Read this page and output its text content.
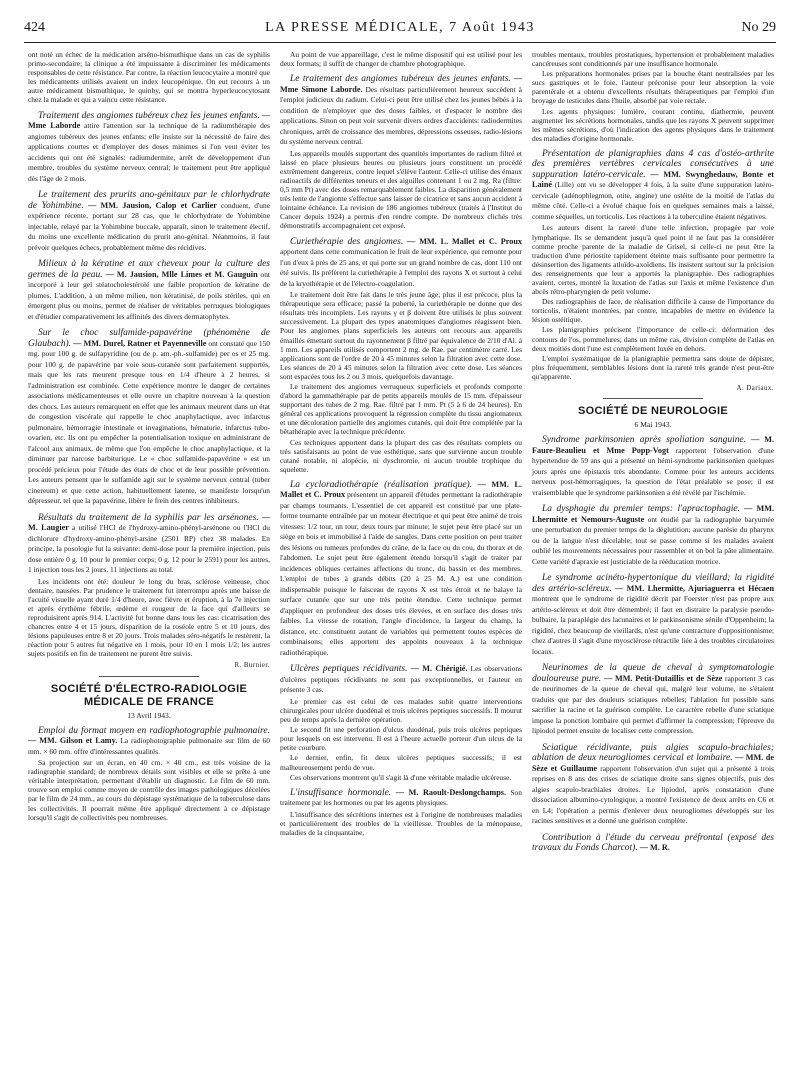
424	LA PRESSE MÉDICALE, 7 Août 1943	No 29

ont noté un échec de la médication arséno-bismuthique dans un cas de syphilis primo-secondaire; la clinique a été impuissante à discriminer les médicaments responsables de cette résistance. Par contre, la réaction leucocytaire a montré que les médicaments utilisés avaient un index leucopénique. On eut recours à un autre médicament bismuthique, le quinby, qui se montra hyperleucocytosant chez la malade et qui a vaincu cette résistance.

Traitement des angiomes tubéreux chez les jeunes enfants. — Mme Laborde attire l'attention sur la technique de la radiumthérapie des angiomes tubéreux des jeunes enfants; elle insiste sur la nécessité de faire des applications courtes et d'employer des doses minimes si l'on veut éviter les accidents qui ont été signalés: radiumdermite, arrêt de développement d'un membre, troubles du système nerveux central; le traitement peut être appliqué dès l'âge de 2 mois.

Le traitement des prurits ano-génitaux par le chlorhydrate de Yohimbine. — MM. Jausion, Calop et Carlier conduent, d'une expérience récente, portant sur 28 cas, que le chlorhydrate de Yohimbine injectable, relayé par la Yohimbine buccale, apparaît, sinon le traitement électif, du moins une excellente médication du prurit ano-génital. Néanmoins, il faut prévoir quelques échecs, probablement même des récidives.

Milieux à la kératine et aux cheveux pour la culture des germes de la peau. — M. Jausion, Mlle Limes et M. Gauguin ont incorporé à leur gel stéatocholestérolé une faible proportion de kératine de plumes. L'addition, à un même milieu, non kératinisé, de poils stériles, qui en émergent plus ou moins, permet de réaliser de véritables perruques biologiques et d'étudier comparativement les affinités des divers dermatophytes.

Sur le choc sulfamide-papavérine (phénomène de Glaubach). — MM. Durel, Ratner et Payenneville ont constaté que 150 mg. pour 100 g. de sulfapyridine (ou de p. am.-ph.-sulfamide) per os et 25 mg. pour 100 g. de papavérine par voie sous-cutanée sont parfaitement supportés, mais que les rats meurent presque tous en 1/4 d'heure à 2 heures, si l'administration est combinée. Cette expérience montre le danger de certaines associations médicamenteuses et elle ouvre un chapitre nouveau à la question des chocs. Les auteurs remarquent en effet que les animaux meurent dans un état de congestion viscérale qui rappelle le choc anaphylactique, avec infarctus pulmonaire, hémorragie intestinale et invaginations, hématurie, infarctus tubo-ovarien, etc. Ils ont pu empêcher la potentialisation toxique en administrant de l'alcool aux animaux, de même que l'on empêche le choc anaphylactique, et la diminuer par narcose barbiturique. Le « choc sulfamide-papavérine » est un procédé précieux pour l'étude des états de choc et de leur possible prévention. Les auteurs pensent que le sulfamide agit sur le système nerveux central (tuber cinereum) et que cette action, habituellement latente, se manifeste lorsqu'un dépresseur, tel que la papavérine, libère le frein des centres inhibiteurs.

Résultats du traitement de la syphilis par les arsénones. — M. Laugier a utilisé l'HCl de l'hydroxy-amino-phényl-arsénone ou l'HCl du dichlorure d'hydroxy-amino-phényl-arsine (2501 RP) chez 38 malades. En principe, la posologie fut la suivante: demi-dose pour la première injection, puis dose entière 0 g. 10 pour le premier corps; 0 g. 12 pour le 2591) pour les autres, 1 injection tous les 2 jours, 11 injections au total.

Les incidents ont été: douleur le long du bras, sclérose veineuse, choc dentaire, nausées. Par prudence le traitement fut interrompu après une baisse de l'acuité visuelle ayant duré 1/4 d'heure, avec fièvre et éruption, à la 7e injection et après érythème fébrile, œdème et rougeur de la face qui d'ailleurs se reproduisirent après 914. L'activité fut bonne dans tous les cas: cicatrisation des chancres entre 4 et 15 jours, disparition de la roséole entre 5 et 10 jours, des lésions papuleuses entre 8 et 20 jours. Trois malades séro-négatifs le restèrent, la réaction pour 5 autres fut négative en 1 mois, pour 10 en 1 mois 1/2; les autres sujets positifs en fin de traitement ne purent être suivis.

R. Burnier.

SOCIÉTÉ D'ÉLECTRO-RADIOLOGIE MÉDICALE DE FRANCE
13 Avril 1943.

Emploi du format moyen en radiophotographie pulmonaire. — MM. Gilson et Lamy. La radiophotographie pulmonaire sur film de 60 mm. × 60 mm. offre d'intéressantes qualités.

Sa projection sur un écran, en 40 cm. × 40 cm., est très voisine de la radiographie standard; de nombreux détails sont visibles et elle se prête à une véritable interprétation, permettant d'établir un diagnostic. Le film de 60 mm. trouve son emploi comme moyen de contrôle des images pathologiques décelées par le film de 24 mm., au cours du dépistage systématique de la tuberculose dans les collectivités. Il pourrait même être appliqué directement à ce dépistage lorsqu'il s'agit de collectivités peu nombreuses.

Au point de vue appareillage, c'est le même dispositif qui est utilisé pour les deux formats; il suffit de changer de chambre photographique.

Le traitement des angiomes tubéreux des jeunes enfants. — Mme Simone Laborde. Des résultats particulièrement heureux succèdent à l'emploi judicieux du radium. Celui-ci peut être utilisé chez les jeunes bébés à la condition de n'employer que des doses faibles, et d'espacer le nombre des applications. Sinon on peut voir survenir divers ordres d'accidents: radiodermites chroniques, arrêt de croissance des membres, dépressions osseuses, radio-lésions du système nerveux central.

Les appareils moulés supportant des quantités importantes de radium filtré et laissé en place plusieurs heures ou plusieurs jours constituent un procédé extrêmement dangereux, contre lequel s'élève l'auteur. Celle-ci utilise des émaux radioactifs de différentes teneurs et des aiguilles contenant 1 ou 2 mg. Ra (filtre: 0,5 mm Pt) avec des doses remarquablement faibles. La disparition généralement très lente de l'angiome s'effectue sans laisser de cicatrice et sans aucun accident à lointaine échéance. La revision de 186 angiomes tubéreux (traités à l'Institut du Cancer depuis 1924) a permis d'en rendre compte. De nombreux clichés très démonstratifs accompagnaient cet exposé.

Curiethérapie des angiomes. — MM. L. Mallet et C. Proux apportent dans cette communication le fruit de leur expérience, qui remonte pour l'un d'eux à près de 25 ans, et qui porte sur un grand nombre de cas, dont 110 ont été suivis. Ils préfèrent la curiethérapie à l'emploi des rayons X et surtout à celui de la kryothérapie et de l'électro-coagulation.

Le traitement doit être fait dans le très jeune âge; plus il est précoce, plus la thérapeutique sera efficace; passé la puberté, la curiethérapie ne donne que des résultats très incomplets. Les rayons γ et β doivent être utilisés le plus souvent successivement. La plupart des types anatomiques d'angiomes réagissent bien. Pour les angiomes plans superficiels les auteurs ont recours aux appareils émaillés émettant surtout du rayonnement β filtré par équivalence de 2/10 d'Al. à 1 mm. Les appareils utilisés comportent 2 mg. de Rae. par centimètre carré. Les applications sont de l'ordre de 20 à 45 minutes selon la filtration avec cette dose. Les séances de 20 à 45 minutes selon la filtration avec cette dose. Les séances sont espacées tous les 2 ou 3 mois, quelquefois davantage.

Le traitement des angiomes verruqueux superficiels et profonds comporte d'abord la gammathérapie par de petits appareils moulés de 15 mm. d'épaisseur supportant des tubes de 2 mg. Rae. filtré par 1 mm. Pt (5 à 6 de 24 heures). En général ces applications provoquent la régression complète du tissu angiomateux et une décoloration partielle des angiomes cutanés, qui doit être complétée par la bêtathérapie avec la technique précédente.

Ces techniques apportent dans la plupart des cas des résultats complets ou très satisfaisants au point de vue esthétique, sans que survienne aucun trouble cutané notable, ni alopécie, ni dyschromie, ni aucun trouble trophique du squelette.

La cycloradiothérapie (réalisation pratique). — MM. L. Mallet et C. Proux présentent un appareil d'études permettant la radiothérapie par champs tournants. L'essentiel de cet appareil est constitué par une plate-forme tournante entraînée par un moteur électrique et qui peut être animé de trois vitesses: 1/2 tour, un tour, deux tours par minute; le sujet peut être placé sur un siège en bois et immobilisé à l'aide de sangles. Dans cette position on peut traiter des lésions ou tumeurs profondes du crâne, de la face ou du cou, du thorax et de l'abdomen. Le sujet peut être également étendu lorsqu'il s'agit de traiter par incidences obliques certaines affections du tronc, du bassin et des membres. L'emploi de tubes à grands débits (20 à 25 M. A.) est une condition indispensable puisque le faisceau de rayons X est très étroit et ne balaye la surface cutanée que sur une très petite étendue. Cette technique permet d'appliquer en profondeur des doses très élevées, et en surface des doses très faibles. La vitesse de rotation, l'angle d'incidence, la largeur du champ, la distance, etc. constituent autant de variables qui permettent toutes espèces de combinaisons; elles apportent des appoints nouveaux à la technique radiothérapique.

Ulcères peptiques récidivants. — M. Chérigié. Les observations d'ulcères peptiques récidivants ne sont pas exceptionnelles, et l'auteur en présente 3 cas.

Le premier cas est celui de ces malades subit quatre interventions chirurgicales pour ulcère duodénal et trois ulcères peptiques successifs. Il mourut peu de temps après la dernière opération.

Le second fit une perforation d'ulcus duodénal, puis trois ulcères peptiques pour lesquels on est intervenu. Il est à l'heure actuelle porteur d'un ulcus de la petite courbure.

Le dernier, enfin, fit deux ulcères peptiques successifs; il est malheureusement perdu de vue.

Ces observations montrent qu'il s'agit là d'une véritable maladie ulcéreuse.

L'insuffisance hormonale. — M. Raoult-Deslongchamps. Son traitement par les hormones ou par les agents physiques.

L'insuffisance des sécrétions internes est à l'origine de nombreuses maladies et particulièrement des troubles de la vieillesse. Troubles de la ménopause, maladies de la cinquantaine,

troubles mentaux, troubles prostatiques, hypertension et probablement maladies cancéreuses sont conditionnés par une insuffisance hormonale.

Les préparations hormonales prises par la bouche étant neutralisées par les sucs gastriques et le foie, l'auteur préconise pour leur absorption la voie parentérale et a obtenu d'excellents résultats thérapeutiques par l'emploi d'un broyage de testicules dans l'huile, absorbé par voie rectale.

Les agents physiques: lumière, courant continu, diathermie, peuvent augmenter les sécrétions hormonales, tandis que les rayons X peuvent supprimer les mêmes sécrétions, d'où l'indication des agents physiques dans le traitement des maladies d'origine hormonale.

Présentation de planigraphies dans 4 cas d'ostéo-arthrite des premières vertèbres cervicales consécutives à une suppuration latéro-cervicale. — MM. Swynghedauw, Bonte et Lainé (Lille) ont vu se développer 4 fois, à la suite d'une suppuration latéro-cervicale (adénophlegmon, otite, angine) une ostéite de la moitié de l'atlas du même côté. Celle-ci a évolué chaque fois en quelques semaines mais a laissé, comme séquelles, un torticolis. Les réactions à la tuberculine étaient négatives.

Les auteurs disent la rareté d'une telle infection, propagée par voie lymphatique. Ils se demandent jusqu'à quel point il ne faut pas la considérer comme proche parente de la maladie de Grisel, si celle-ci ne peut être la traduction d'une périostite rapidement éteinte mais suffisante pour permettre la désinsertion des ligaments atloïdo-axoïdiens. Ils insistent surtout sur la précision des renseignements que leur a apportés la planigraphie. Des radiographies avaient, certes, montré la luxation de l'atlas sur l'axis et même l'existence d'un abcès rétro-pharyngien de petit volume.

Des radiographies de face, de réalisation difficile à cause de l'importance du torticolis, n'étaient montrées, par contre, incapables de mettre en évidence la lésion ostéitique.

Les planigraphies précisent l'importance de celle-ci: déformation des contours de l'os, pommelures; dans un même cas, division complète de l'atlas en deux moitiés dont l'une est complètement luxée en dehors.

L'emploi systématique de la planigraphie permettra sans doute de dépister, plus fréquemment, semblables lésions dont la rareté très grande n'est peut-être qu'apparente.

A. Dariaux.

SOCIÉTÉ DE NEUROLOGIE
6 Mai 1943.

Syndrome parkinsonien après spoliation sanguine. — M. Faure-Beaulieu et Mme Popp-Vogt rapportent l'observation d'une hypertendue de 59 ans qui a présenté un hémi-syndrome parkinsonien quelques jours après une épistaxis très abondante. Comme pour les auteurs accidents nerveux post-hémorragiques, la question de l'état préalable se pose; il est vraisemblable que le syndrome parkinsonien a été révélé par l'ischémie.

La dysphagie du premier temps: l'apractophagie. — MM. Lhermitte et Nemours-Auguste ont étudié par la radiographie baryumée une perturbation du premier temps de la déglutition; aucune parésie du pharynx ou de la langue n'est décelable; tout se passe comme si les malades avaient oublié les mouvements nécessaires pour rassembler et on bol la pâte alimentaire. Cette variété d'apraxie est justiciable de la rééducation motrice.

Le syndrome acinéto-hypertonique du vieillard; la rigidité des artério-scléreux. — MM. Lhermitte, Ajuriaguerra et Hécaen montrent que le syndrome de rigidité décrit par Foerster n'est pas propre aux artério-scléreux et doit être démembré; il faut en distraire la paralysie pseudo-bulbaire, la paraplégie des lacunaires et le parkinsonisme sénile d'Oppenheim; la rigidité, chez beaucoup de vieillards, n'est qu'une contracture d'oppositionnisme; chez d'autres il s'agit d'une myosclérose rétractile liée à des troubles circulatoires locaux.

Neurinomes de la queue de cheval à symptomatologie douloureuse pure. — MM. Petit-Dutaillis et de Sèze rapportent 3 cas de neurinomes de la queue de cheval qui, malgré leur volume, ne s'étaient traduits que par des douleurs sciatiques rebelles; l'ablation fut possible sans sacrifier la racine et la guérison complète. Le caractère rebelle d'une sciatique impose la ponction lombaire qui permet d'affirmer la compression; l'épreuve du lipiodol permet ensuite de localiser cette compression.

Sciatique récidivante, puis algies scapulo-brachiales; ablation de deux neurogliomes cervical et lombaire. — MM. de Sèze et Guillaume rapportent l'observation d'un sujet qui a présenté à trois reprises en 8 ans des crises de sciatique droite sans signes objectifs, puis des algies scapulo-brachiales droites. Le lipiodol, après constatation d'une dissociation albumino-cytologique, a montré l'existence de deux arrêts en C6 et en L4; l'opération a permis d'enlever deux neurogliomes développés sur les racines sensitives et a donné une guérison complète.

Contribution à l'étude du cerveau préfrontal (exposé des travaux du Fonds Charcot). — M. R.
